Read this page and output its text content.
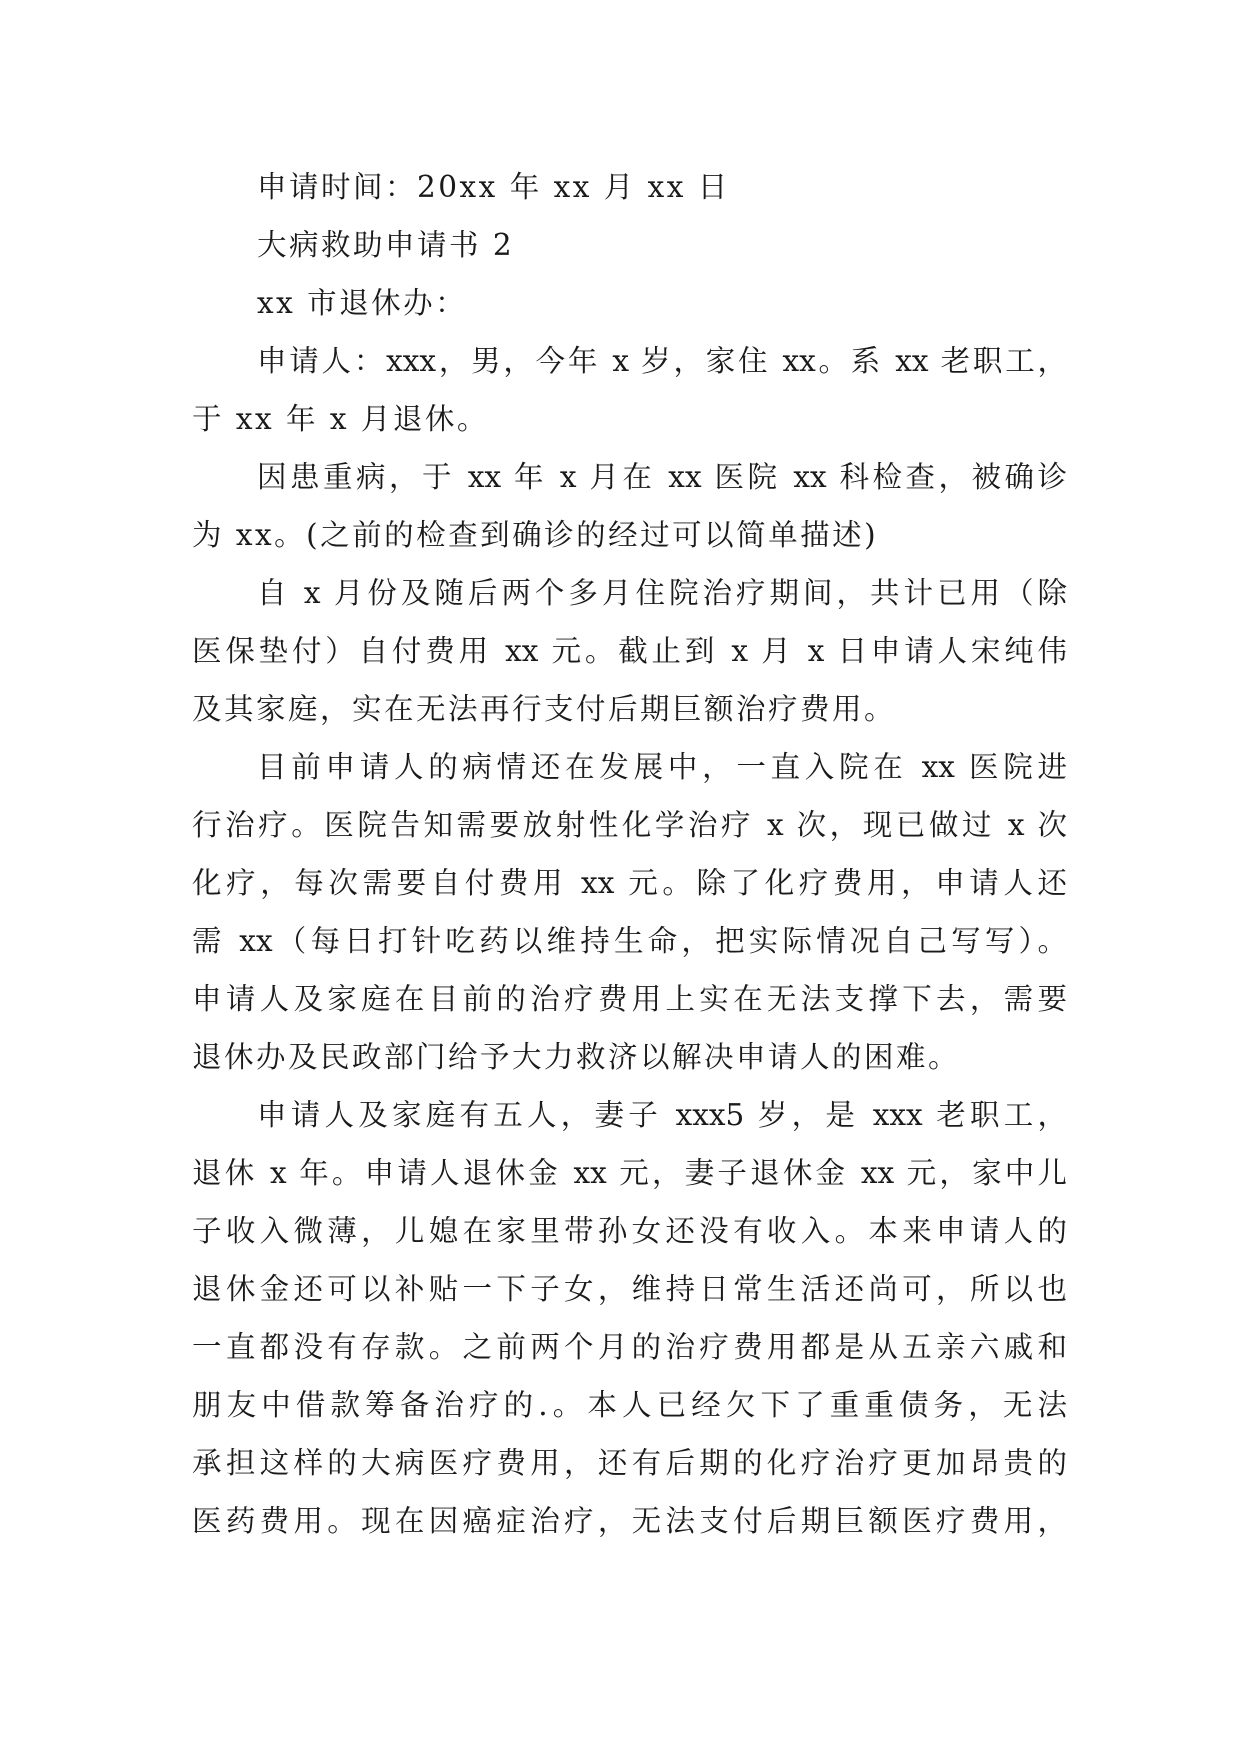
申请时间：20xx 年 xx 月 xx 日
大病救助申请书 2
xx 市退休办：
申请人：xxx，男，今年 x 岁，家住 xx。系 xx 老职工，
于 xx 年 x 月退休。
因患重病，于 xx 年 x 月在 xx 医院 xx 科检查，被确诊
为 xx。(之前的检查到确诊的经过可以简单描述)
自 x 月份及随后两个多月住院治疗期间，共计已用（除
医保垫付）自付费用 xx 元。截止到 x 月 x 日申请人宋纯伟
及其家庭，实在无法再行支付后期巨额治疗费用。
目前申请人的病情还在发展中，一直入院在 xx 医院进
行治疗。医院告知需要放射性化学治疗 x 次，现已做过 x 次
化疗，每次需要自付费用 xx 元。除了化疗费用，申请人还
需 xx（每日打针吃药以维持生命，把实际情况自己写写）。
申请人及家庭在目前的治疗费用上实在无法支撑下去，需要
退休办及民政部门给予大力救济以解决申请人的困难。
申请人及家庭有五人，妻子 xxx5 岁，是 xxx 老职工，
退休 x 年。申请人退休金 xx 元，妻子退休金 xx 元，家中儿
子收入微薄，儿媳在家里带孙女还没有收入。本来申请人的
退休金还可以补贴一下子女，维持日常生活还尚可，所以也
一直都没有存款。之前两个月的治疗费用都是从五亲六戚和
朋友中借款筹备治疗的.。本人已经欠下了重重债务，无法
承担这样的大病医疗费用，还有后期的化疗治疗更加昂贵的
医药费用。现在因癌症治疗，无法支付后期巨额医疗费用，
